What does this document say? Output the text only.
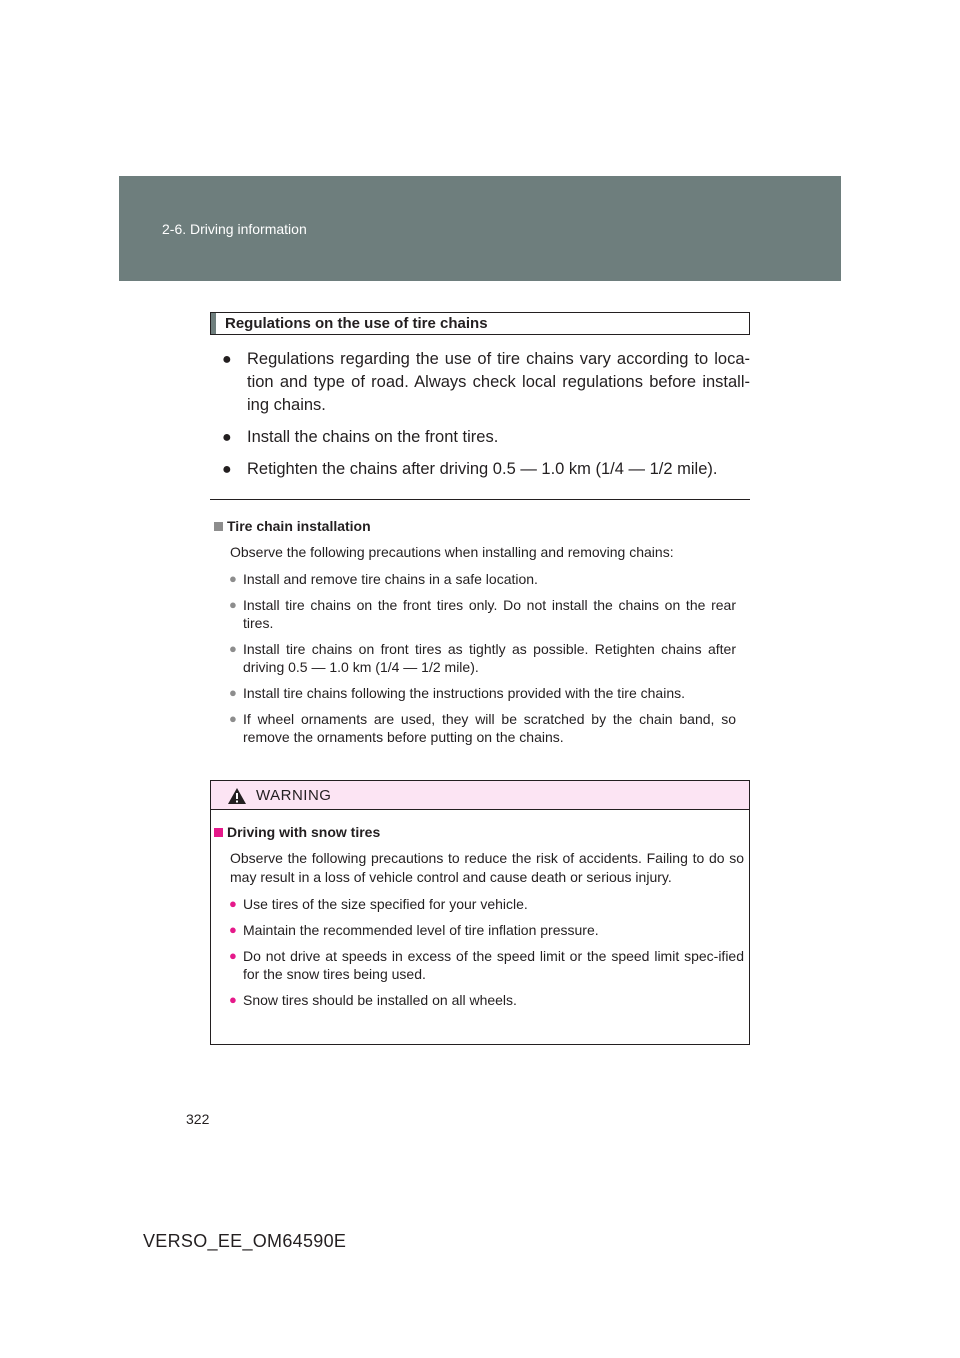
2-6. Driving information
Regulations on the use of tire chains
● Regulations regarding the use of tire chains vary according to loca-tion and type of road. Always check local regulations before install-ing chains.
● Install the chains on the front tires.
● Retighten the chains after driving 0.5 — 1.0 km (1/4 — 1/2 mile).
Tire chain installation
Observe the following precautions when installing and removing chains:
● Install and remove tire chains in a safe location.
● Install tire chains on the front tires only. Do not install the chains on the rear tires.
● Install tire chains on front tires as tightly as possible. Retighten chains after driving 0.5 — 1.0 km (1/4 — 1/2 mile).
● Install tire chains following the instructions provided with the tire chains.
● If wheel ornaments are used, they will be scratched by the chain band, so remove the ornaments before putting on the chains.
WARNING
Driving with snow tires
Observe the following precautions to reduce the risk of accidents. Failing to do so may result in a loss of vehicle control and cause death or serious injury.
● Use tires of the size specified for your vehicle.
● Maintain the recommended level of tire inflation pressure.
● Do not drive at speeds in excess of the speed limit or the speed limit spec-ified for the snow tires being used.
● Snow tires should be installed on all wheels.
322
VERSO_EE_OM64590E
